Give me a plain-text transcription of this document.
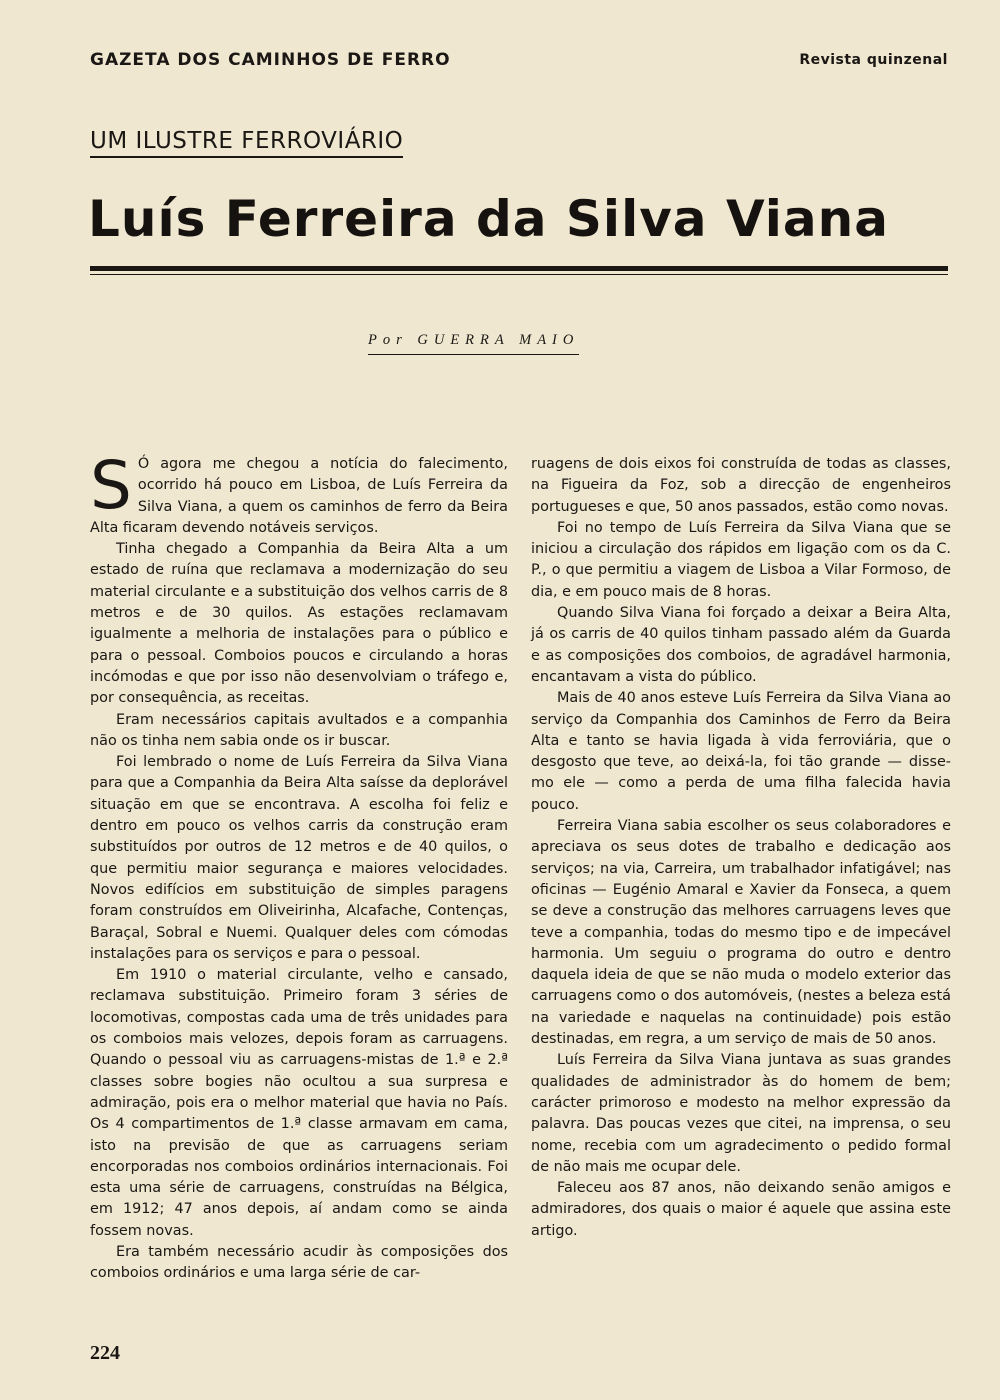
GAZETA DOS CAMINHOS DE FERRO	Revista quinzenal
UM ILUSTRE FERROVIÁRIO
Luís Ferreira da Silva Viana
Por GUERRA MAIO
S Ó agora me chegou a notícia do falecimento, ocorrido há pouco em Lisboa, de Luís Ferreira da Silva Viana, a quem os caminhos de ferro da Beira Alta ficaram devendo notáveis serviços.

Tinha chegado a Companhia da Beira Alta a um estado de ruína que reclamava a modernização do seu material circulante e a substituição dos velhos carris de 8 metros e de 30 quilos. As estações reclamavam igualmente a melhoria de instalações para o público e para o pessoal. Comboios poucos e circulando a horas incómodas e que por isso não desenvolviam o tráfego e, por consequência, as receitas.

Eram necessários capitais avultados e a companhia não os tinha nem sabia onde os ir buscar.

Foi lembrado o nome de Luís Ferreira da Silva Viana para que a Companhia da Beira Alta saísse da deplorável situação em que se encontrava. A escolha foi feliz e dentro em pouco os velhos carris da construção eram substituídos por outros de 12 metros e de 40 quilos, o que permitiu maior segurança e maiores velocidades. Novos edifícios em substituição de simples paragens foram construídos em Oliveirinha, Alcafache, Contenças, Baraçal, Sobral e Nuemi. Qualquer deles com cómodas instalações para os serviços e para o pessoal.

Em 1910 o material circulante, velho e cansado, reclamava substituição. Primeiro foram 3 séries de locomotivas, compostas cada uma de três unidades para os comboios mais velozes, depois foram as carruagens. Quando o pessoal viu as carruagens-mistas de 1.ª e 2.ª classes sobre bogies não ocultou a sua surpresa e admiração, pois era o melhor material que havia no País. Os 4 compartimentos de 1.ª classe armavam em cama, isto na previsão de que as carruagens seriam encorporadas nos comboios ordinários internacionais. Foi esta uma série de carruagens, construídas na Bélgica, em 1912; 47 anos depois, aí andam como se ainda fossem novas.

Era também necessário acudir às composições dos comboios ordinários e uma larga série de car-

ruagens de dois eixos foi construída de todas as classes, na Figueira da Foz, sob a direcção de engenheiros portugueses e que, 50 anos passados, estão como novas.

Foi no tempo de Luís Ferreira da Silva Viana que se iniciou a circulação dos rápidos em ligação com os da C. P., o que permitiu a viagem de Lisboa a Vilar Formoso, de dia, e em pouco mais de 8 horas.

Quando Silva Viana foi forçado a deixar a Beira Alta, já os carris de 40 quilos tinham passado além da Guarda e as composições dos comboios, de agradável harmonia, encantavam a vista do público.

Mais de 40 anos esteve Luís Ferreira da Silva Viana ao serviço da Companhia dos Caminhos de Ferro da Beira Alta e tanto se havia ligada à vida ferroviária, que o desgosto que teve, ao deixá-la, foi tão grande — disse-mo ele — como a perda de uma filha falecida havia pouco.

Ferreira Viana sabia escolher os seus colaboradores e apreciava os seus dotes de trabalho e dedicação aos serviços; na via, Carreira, um trabalhador infatigável; nas oficinas — Eugénio Amaral e Xavier da Fonseca, a quem se deve a construção das melhores carruagens leves que teve a companhia, todas do mesmo tipo e de impecável harmonia. Um seguiu o programa do outro e dentro daquela ideia de que se não muda o modelo exterior das carruagens como o dos automóveis, (nestes a beleza está na variedade e naquelas na continuidade) pois estão destinadas, em regra, a um serviço de mais de 50 anos.

Luís Ferreira da Silva Viana juntava as suas grandes qualidades de administrador às do homem de bem; carácter primoroso e modesto na melhor expressão da palavra. Das poucas vezes que citei, na imprensa, o seu nome, recebia com um agradecimento o pedido formal de não mais me ocupar dele.

Faleceu aos 87 anos, não deixando senão amigos e admiradores, dos quais o maior é aquele que assina este artigo.

224
